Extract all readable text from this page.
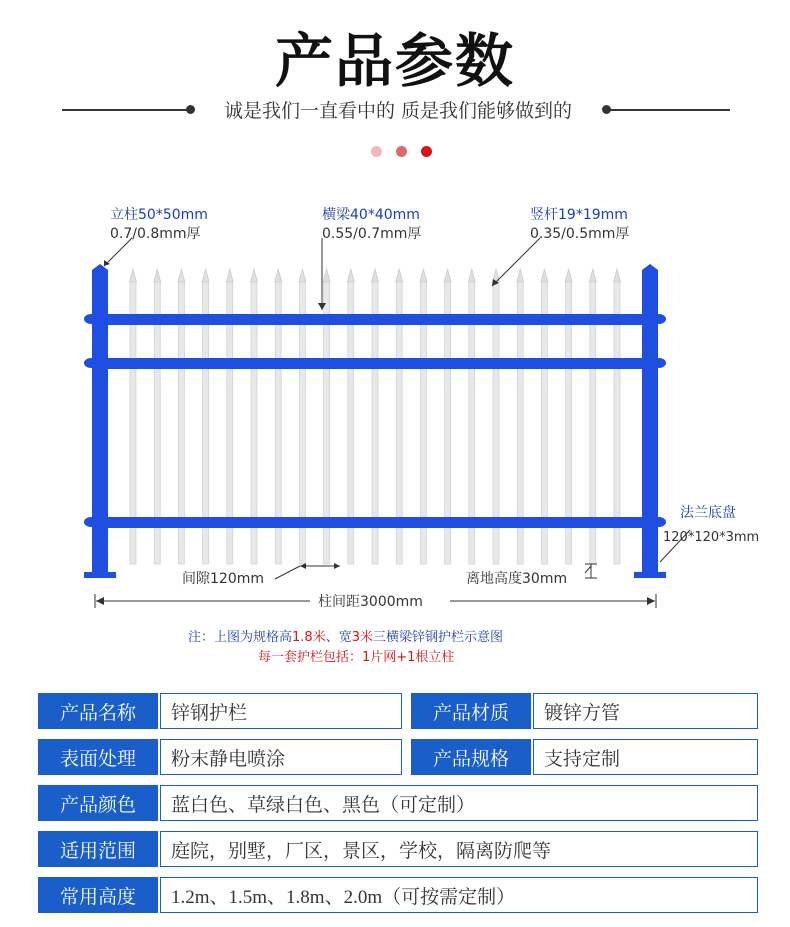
产品参数
诚是我们一直看中的 质是我们能够做到的
立柱50*50mm
0.7/0.8mm厚
横梁40*40mm
0.55/0.7mm厚
竖杆19*19mm
0.35/0.5mm厚
法兰底盘
120*120*3mm
间隙120mm	离地高度30mm
柱间距3000mm
注：上图为规格高1.8米、宽3米三横梁锌钢护栏示意图
每一套护栏包括：1片网+1根立柱
产品名称	锌钢护栏	产品材质	镀锌方管
表面处理	粉末静电喷涂	产品规格	支持定制
产品颜色	蓝白色、草绿白色、黑色（可定制）
适用范围	庭院，别墅，厂区，景区，学校，隔离防爬等
常用高度	1.2m、1.5m、1.8m、2.0m（可按需定制）
